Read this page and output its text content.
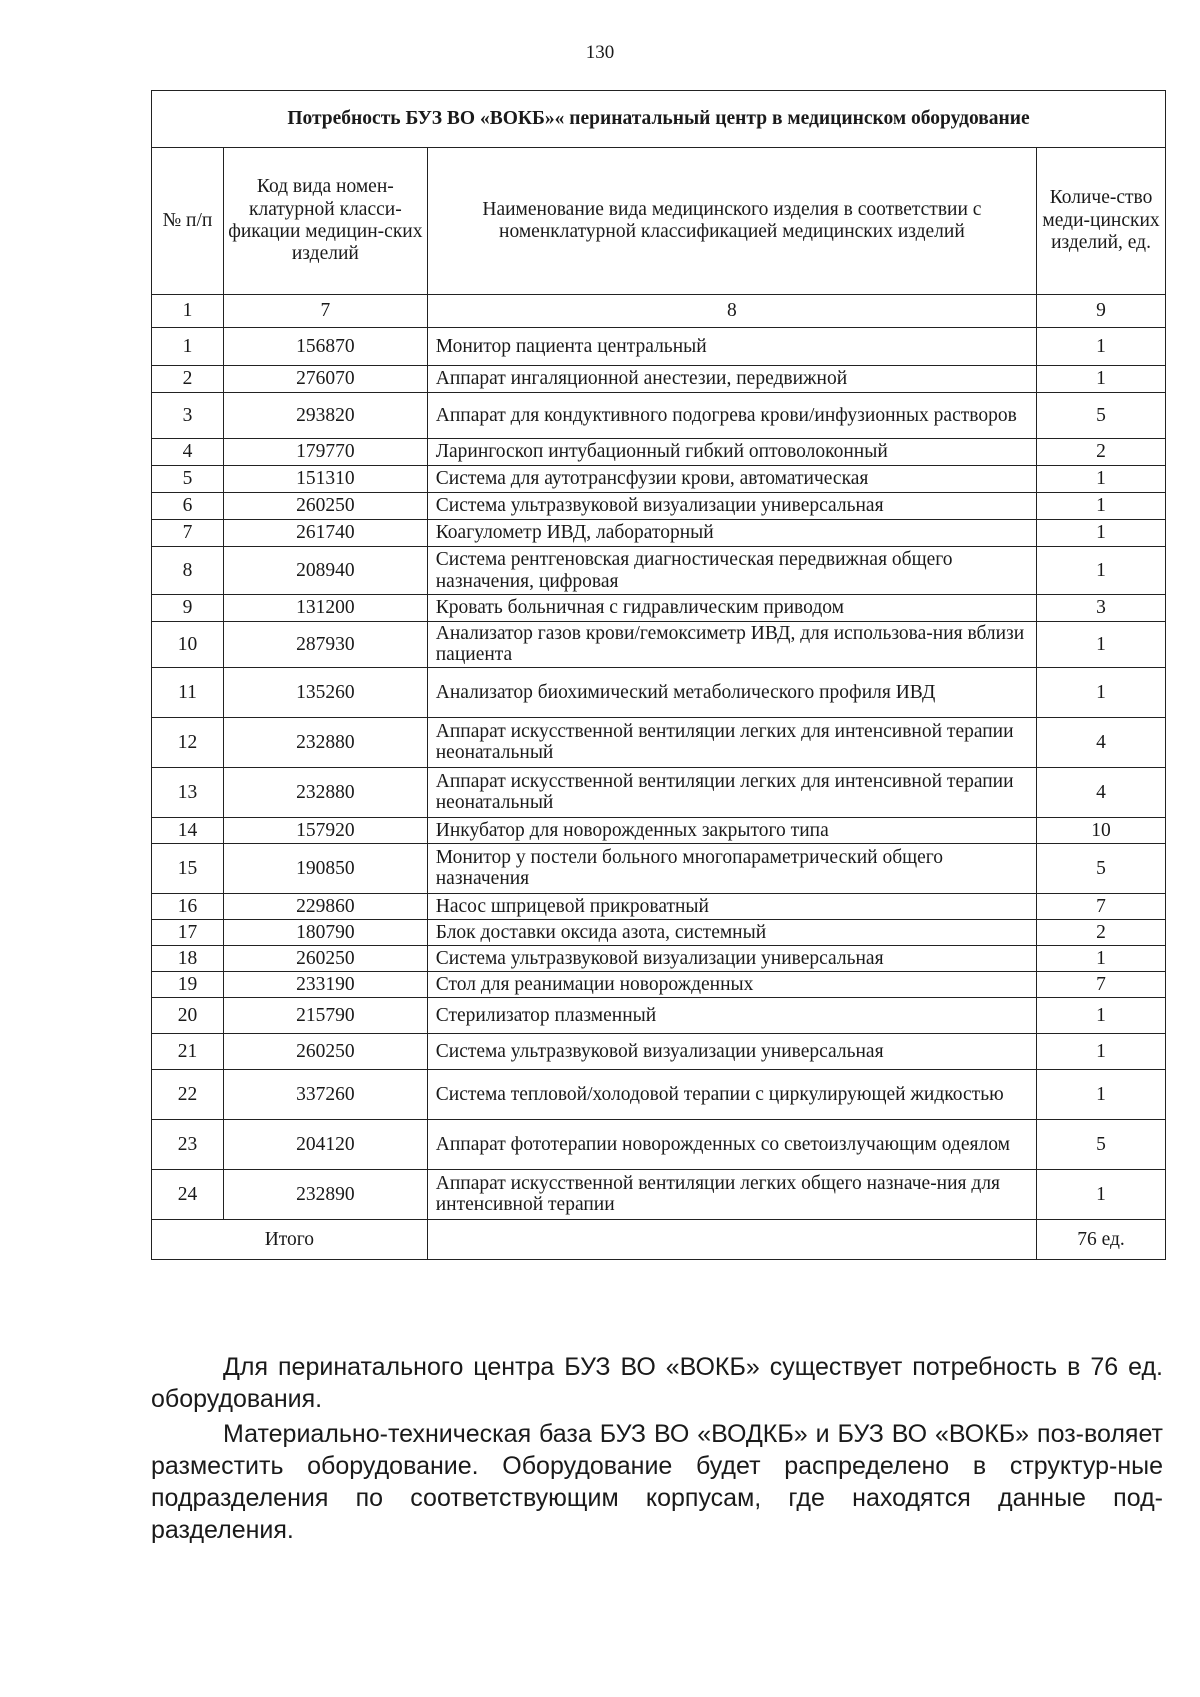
130
Потребность БУЗ ВО «ВОКБ»« перинатальный центр в медицинском оборудование			
№ п/п	Код вида номен-клатурной класси-фикации медицин-ских изделий	Наименование вида медицинского изделия в соответствии с номенклатурной классификацией медицинских изделий	Количе-ство меди-цинских изделий, ед.
1	7	8	9
1	156870	Монитор пациента центральный	1
2	276070	Аппарат ингаляционной анестезии, передвижной	1
3	293820	Аппарат для кондуктивного подогрева крови/инфузионных растворов	5
4	179770	Ларингоскоп интубационный гибкий оптоволоконный	2
5	151310	Система для аутотрансфузии крови, автоматическая	1
6	260250	Система ультразвуковой визуализации универсальная	1
7	261740	Коагулометр ИВД, лабораторный	1
8	208940	Система рентгеновская диагностическая передвижная общего назначения, цифровая	1
9	131200	Кровать больничная с гидравлическим приводом	3
10	287930	Анализатор газов крови/гемоксиметр ИВД, для использова-ния вблизи пациента	1
11	135260	Анализатор биохимический метаболического профиля ИВД	1
12	232880	Аппарат искусственной вентиляции легких для интенсивной терапии неонатальный	4
13	232880	Аппарат искусственной вентиляции легких для интенсивной терапии неонатальный	4
14	157920	Инкубатор для новорожденных закрытого типа	10
15	190850	Монитор у постели больного многопараметрический общего назначения	5
16	229860	Насос шприцевой прикроватный	7
17	180790	Блок доставки оксида азота, системный	2
18	260250	Система ультразвуковой визуализации универсальная	1
19	233190	Стол для реанимации новорожденных	7
20	215790	Стерилизатор плазменный	1
21	260250	Система ультразвуковой визуализации универсальная	1
22	337260	Система тепловой/холодовой терапии с циркулирующей жидкостью	1
23	204120	Аппарат фототерапии новорожденных со светоизлучающим одеялом	5
24	232890	Аппарат искусственной вентиляции легких общего назначе-ния для интенсивной терапии	1
Итого			76 ед.
Для перинатального центра БУЗ ВО «ВОКБ» существует потребность в 76 ед. оборудования.
Материально-техническая база БУЗ ВО «ВОДКБ» и БУЗ ВО «ВОКБ» поз-воляет разместить оборудование. Оборудование будет распределено в структур-ные подразделения по соответствующим корпусам, где находятся данные под-разделения.
